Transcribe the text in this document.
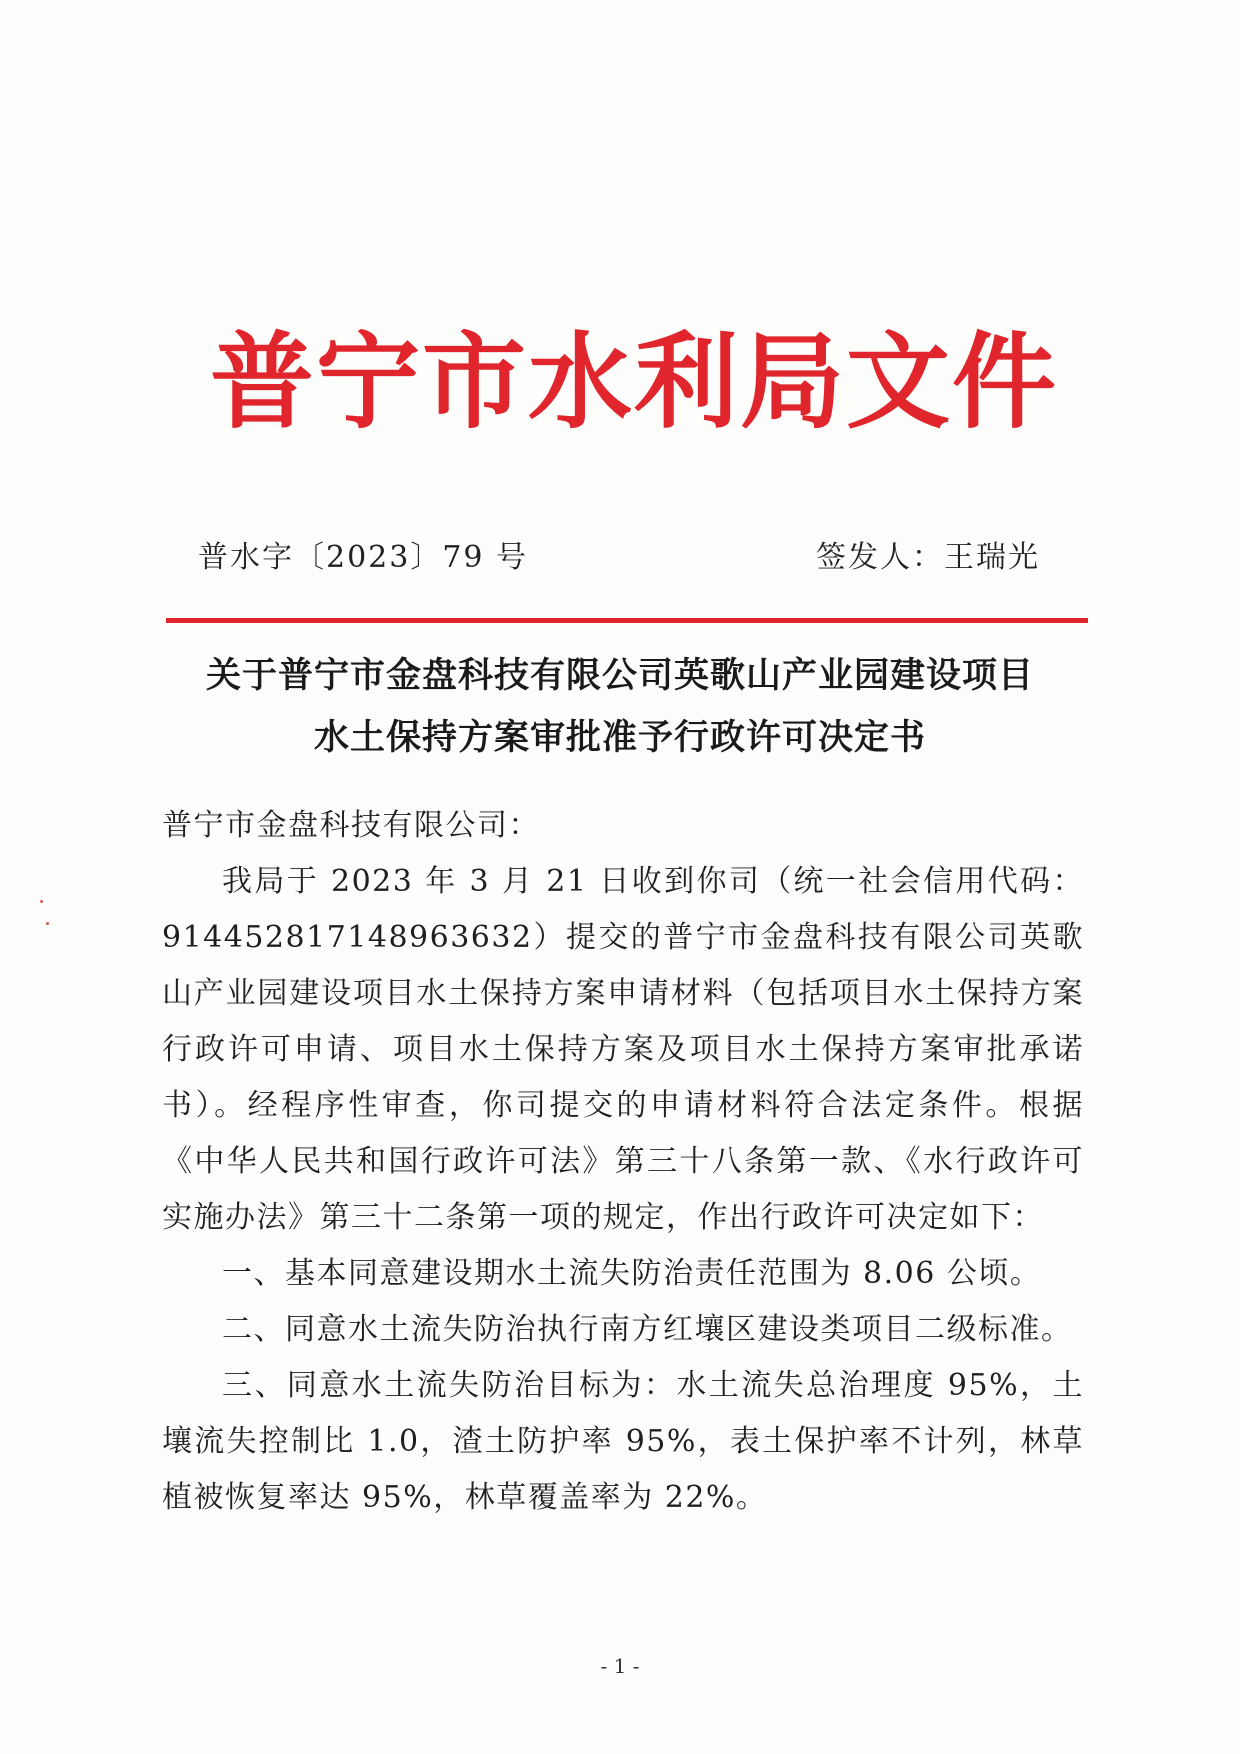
普宁市水利局文件
普水字〔2023〕79 号	签发人：王瑞光
关于普宁市金盘科技有限公司英歌山产业园建设项目
水土保持方案审批准予行政许可决定书

普宁市金盘科技有限公司：

我局于 2023 年 3 月 21 日收到你司（统一社会信用代码：91445281714896363​2）提交的普宁市金盘科技有限公司英歌山产业园建设项目水土保持方案申请材料（包括项目水土保持方案行政许可申请、项目水土保持方案及项目水土保持方案审批承诺书）。经程序性审查，你司提交的申请材料符合法定条件。根据《中华人民共和国行政许可法》第三十八条第一款、《水行政许可实施办法》第三十二条第一项的规定，作出行政许可决定如下：

一、基本同意建设期水土流失防治责任范围为 8.06 公顷。

二、同意水土流失防治执行南方红壤区建设类项目二级标准。

三、同意水土流失防治目标为：水土流失总治理度 95%，土壤流失控制比 1.0，渣土防护率 95%，表土保护率不计列，林草植被恢复率达 95%，林草覆盖率为 22%。

- 1 -
